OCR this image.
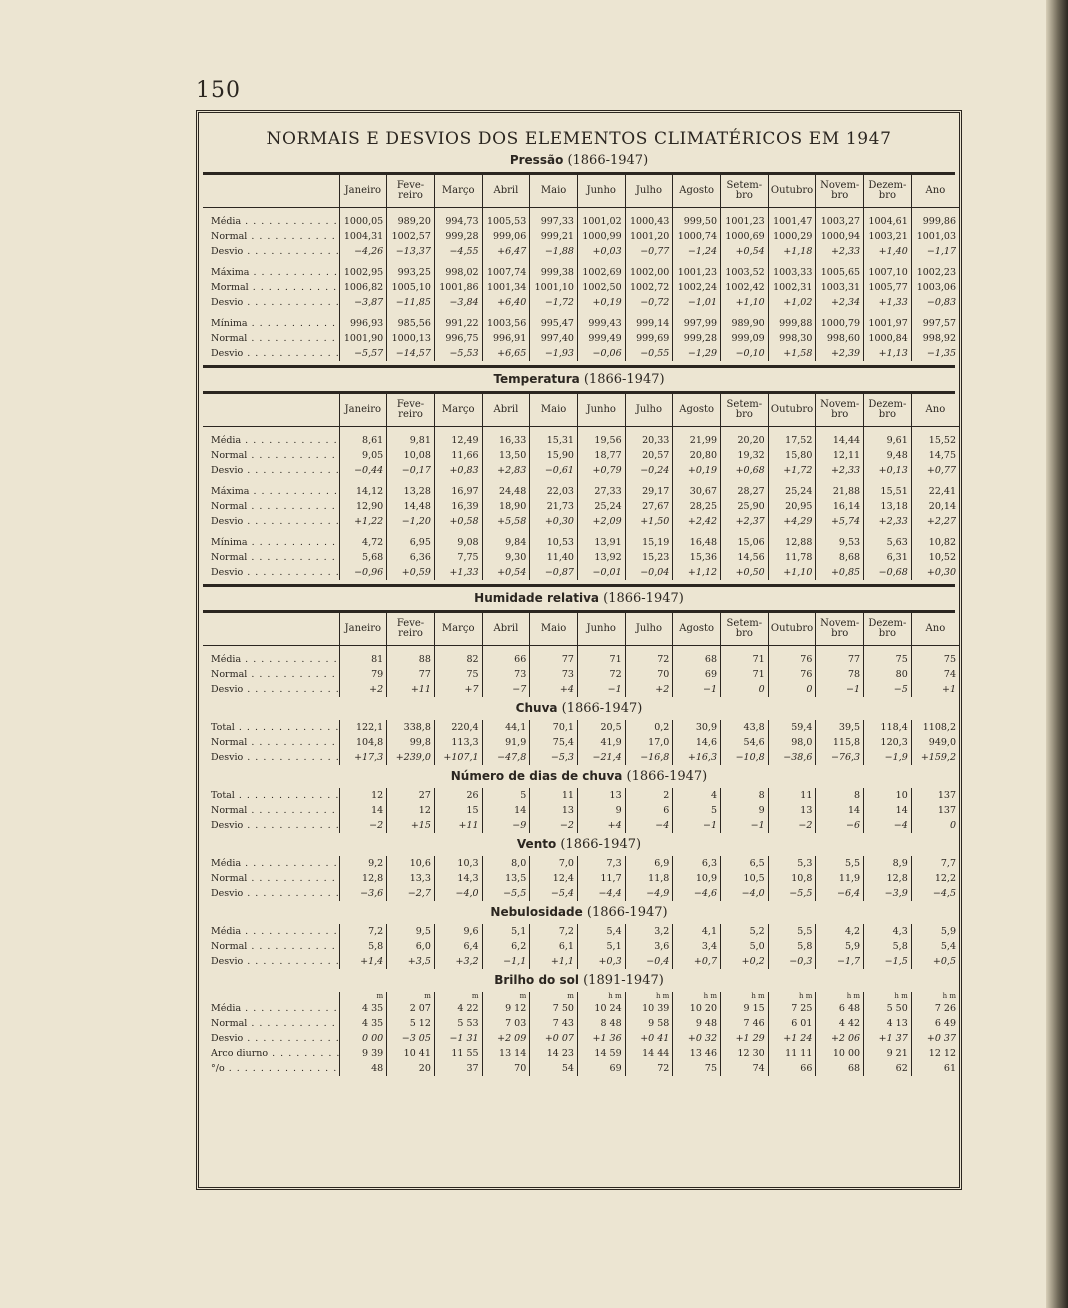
150
NORMAIS E DESVIOS DOS ELEMENTOS CLIMATÉRICOS EM 1947
Pressão (1866-1947)
	Janeiro	Feve-
reiro	Março	Abril	Maio	Junho	Julho	Agosto	Setem-
bro	Outubro	Novem-
bro	Dezem-
bro	Ano

Média . . .	1000,05	989,20	994,73	1005,53	997,33	1001,02	1000,43	999,50	1001,23	1001,47	1003,27	1004,61	999,86
Normal . . .	1004,31	1002,57	999,28	999,06	999,21	1000,99	1001,20	1000,74	1000,69	1000,29	1000,94	1003,21	1001,03
Desvio . . .	−4,26	−13,37	−4,55	+6,47	−1,88	+0,03	−0,77	−1,24	+0,54	+1,18	+2,33	+1,40	−1,17

Máxima . . .	1002,95	993,25	998,02	1007,74	999,38	1002,69	1002,00	1001,23	1003,52	1003,33	1005,65	1007,10	1002,23
Mormal . . .	1006,82	1005,10	1001,86	1001,34	1001,10	1002,50	1002,72	1002,24	1002,42	1002,31	1003,31	1005,77	1003,06
Desvio . . .	−3,87	−11,85	−3,84	+6,40	−1,72	+0,19	−0,72	−1,01	+1,10	+1,02	+2,34	+1,33	−0,83

Mínima . . .	996,93	985,56	991,22	1003,56	995,47	999,43	999,14	997,99	989,90	999,88	1000,79	1001,97	997,57
Normal . . .	1001,90	1000,13	996,75	996,91	997,40	999,49	999,69	999,28	999,09	998,30	998,60	1000,84	998,92
Desvio . . .	−5,57	−14,57	−5,53	+6,65	−1,93	−0,06	−0,55	−1,29	−0,10	+1,58	+2,39	+1,13	−1,35
Temperatura (1866-1947)
	Janeiro	Feve-
reiro	Março	Abril	Maio	Junho	Julho	Agosto	Setem-
bro	Outubro	Novem-
bro	Dezem-
bro	Ano

Média . . .	8,61	9,81	12,49	16,33	15,31	19,56	20,33	21,99	20,20	17,52	14,44	9,61	15,52
Normal . . .	9,05	10,08	11,66	13,50	15,90	18,77	20,57	20,80	19,32	15,80	12,11	9,48	14,75
Desvio . . .	−0,44	−0,17	+0,83	+2,83	−0,61	+0,79	−0,24	+0,19	+0,68	+1,72	+2,33	+0,13	+0,77

Máxima . . .	14,12	13,28	16,97	24,48	22,03	27,33	29,17	30,67	28,27	25,24	21,88	15,51	22,41
Normal . . .	12,90	14,48	16,39	18,90	21,73	25,24	27,67	28,25	25,90	20,95	16,14	13,18	20,14
Desvio . . .	+1,22	−1,20	+0,58	+5,58	+0,30	+2,09	+1,50	+2,42	+2,37	+4,29	+5,74	+2,33	+2,27

Mínima . . .	4,72	6,95	9,08	9,84	10,53	13,91	15,19	16,48	15,06	12,88	9,53	5,63	10,82
Normal . . .	5,68	6,36	7,75	9,30	11,40	13,92	15,23	15,36	14,56	11,78	8,68	6,31	10,52
Desvio . . .	−0,96	+0,59	+1,33	+0,54	−0,87	−0,01	−0,04	+1,12	+0,50	+1,10	+0,85	−0,68	+0,30
Humidade relativa (1866-1947)
	Janeiro	Feve-
reiro	Março	Abril	Maio	Junho	Julho	Agosto	Setem-
bro	Outubro	Novem-
bro	Dezem-
bro	Ano

Média . . .	81	88	82	66	77	71	72	68	71	76	77	75	75
Normal . . .	79	77	75	73	73	72	70	69	71	76	78	80	74
Desvio . . .	+2	+11	+7	−7	+4	−1	+2	−1	0	0	−1	−5	+1
Chuva (1866-1947)
Total . . .	122,1	338,8	220,4	44,1	70,1	20,5	0,2	30,9	43,8	59,4	39,5	118,4	1108,2
Normal . . .	104,8	99,8	113,3	91,9	75,4	41,9	17,0	14,6	54,6	98,0	115,8	120,3	949,0
Desvio . . .	+17,3	+239,0	+107,1	−47,8	−5,3	−21,4	−16,8	+16,3	−10,8	−38,6	−76,3	−1,9	+159,2
Número de dias de chuva (1866-1947)
Total . . .	12	27	26	5	11	13	2	4	8	11	8	10	137
Normal . . .	14	12	15	14	13	9	6	5	9	13	14	14	137
Desvio . . .	−2	+15	+11	−9	−2	+4	−4	−1	−1	−2	−6	−4	0
Vento (1866-1947)
Média . . .	9,2	10,6	10,3	8,0	7,0	7,3	6,9	6,3	6,5	5,3	5,5	8,9	7,7
Normal . . .	12,8	13,3	14,3	13,5	12,4	11,7	11,8	10,9	10,5	10,8	11,9	12,8	12,2
Desvio . . .	−3,6	−2,7	−4,0	−5,5	−5,4	−4,4	−4,9	−4,6	−4,0	−5,5	−6,4	−3,9	−4,5
Nebulosidade (1866-1947)
Média . . .	7,2	9,5	9,6	5,1	7,2	5,4	3,2	4,1	5,2	5,5	4,2	4,3	5,9
Normal . . .	5,8	6,0	6,4	6,2	6,1	5,1	3,6	3,4	5,0	5,8	5,9	5,8	5,4
Desvio . . .	+1,4	+3,5	+3,2	−1,1	+1,1	+0,3	−0,4	+0,7	+0,2	−0,3	−1,7	−1,5	+0,5
Brilho do sol (1891-1947)
	m	m	m	m	m	h m	h m	h m	h m	h m	h m	h m	h m
Média . . .	4 35	2 07	4 22	9 12	7 50	10 24	10 39	10 20	9 15	7 25	6 48	5 50	7 26
Normal . . .	4 35	5 12	5 53	7 03	7 43	8 48	9 58	9 48	7 46	6 01	4 42	4 13	6 49
Desvio . . .	0 00	−3 05	−1 31	+2 09	+0 07	+1 36	+0 41	+0 32	+1 29	+1 24	+2 06	+1 37	+0 37
Arco diurno . . .	9 39	10 41	11 55	13 14	14 23	14 59	14 44	13 46	12 30	11 11	10 00	9 21	12 12
°/o . . .	48	20	37	70	54	69	72	75	74	66	68	62	61
